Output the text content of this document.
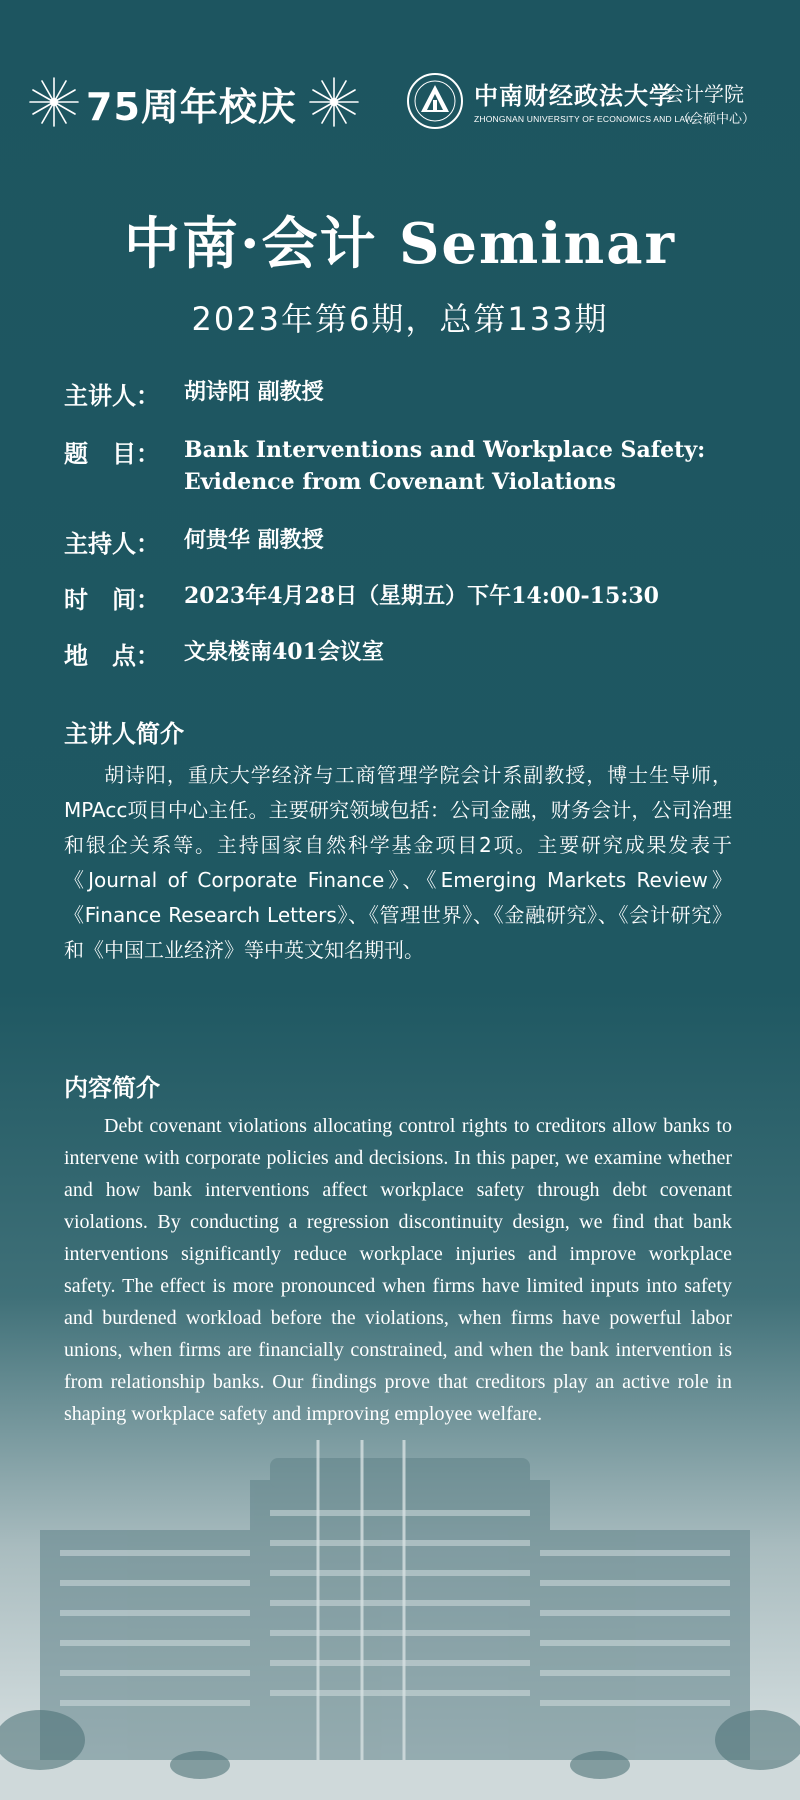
75周年校庆	中南财经政法大学
ZHONGNAN UNIVERSITY OF ECONOMICS AND LAW
会计学院
（会硕中心）
中南·会计 Seminar
2023年第6期，总第133期
主讲人：	胡诗阳 副教授
题　目：	Bank Interventions and Workplace Safety:
Evidence from Covenant Violations
主持人：	何贵华 副教授
时　间：	2023年4月28日（星期五）下午14:00-15:30
地　点：	文泉楼南401会议室
主讲人简介
胡诗阳，重庆大学经济与工商管理学院会计系副教授，博士生导师，MPAcc项目中心主任。主要研究领域包括：公司金融，财务会计，公司治理和银企关系等。主持国家自然科学基金项目2项。主要研究成果发表于《Journal of Corporate Finance》、《Emerging Markets Review》《Finance Research Letters》、《管理世界》、《金融研究》、《会计研究》和《中国工业经济》等中英文知名期刊。
内容简介
Debt covenant violations allocating control rights to creditors allow banks to intervene with corporate policies and decisions. In this paper, we examine whether and how bank interventions affect workplace safety through debt covenant violations. By conducting a regression discontinuity design, we find that bank interventions significantly reduce workplace injuries and improve workplace safety. The effect is more pronounced when firms have limited inputs into safety and burdened workload before the violations, when firms have powerful labor unions, when firms are financially constrained, and when the bank intervention is from relationship banks. Our findings prove that creditors play an active role in shaping workplace safety and improving employee welfare.
